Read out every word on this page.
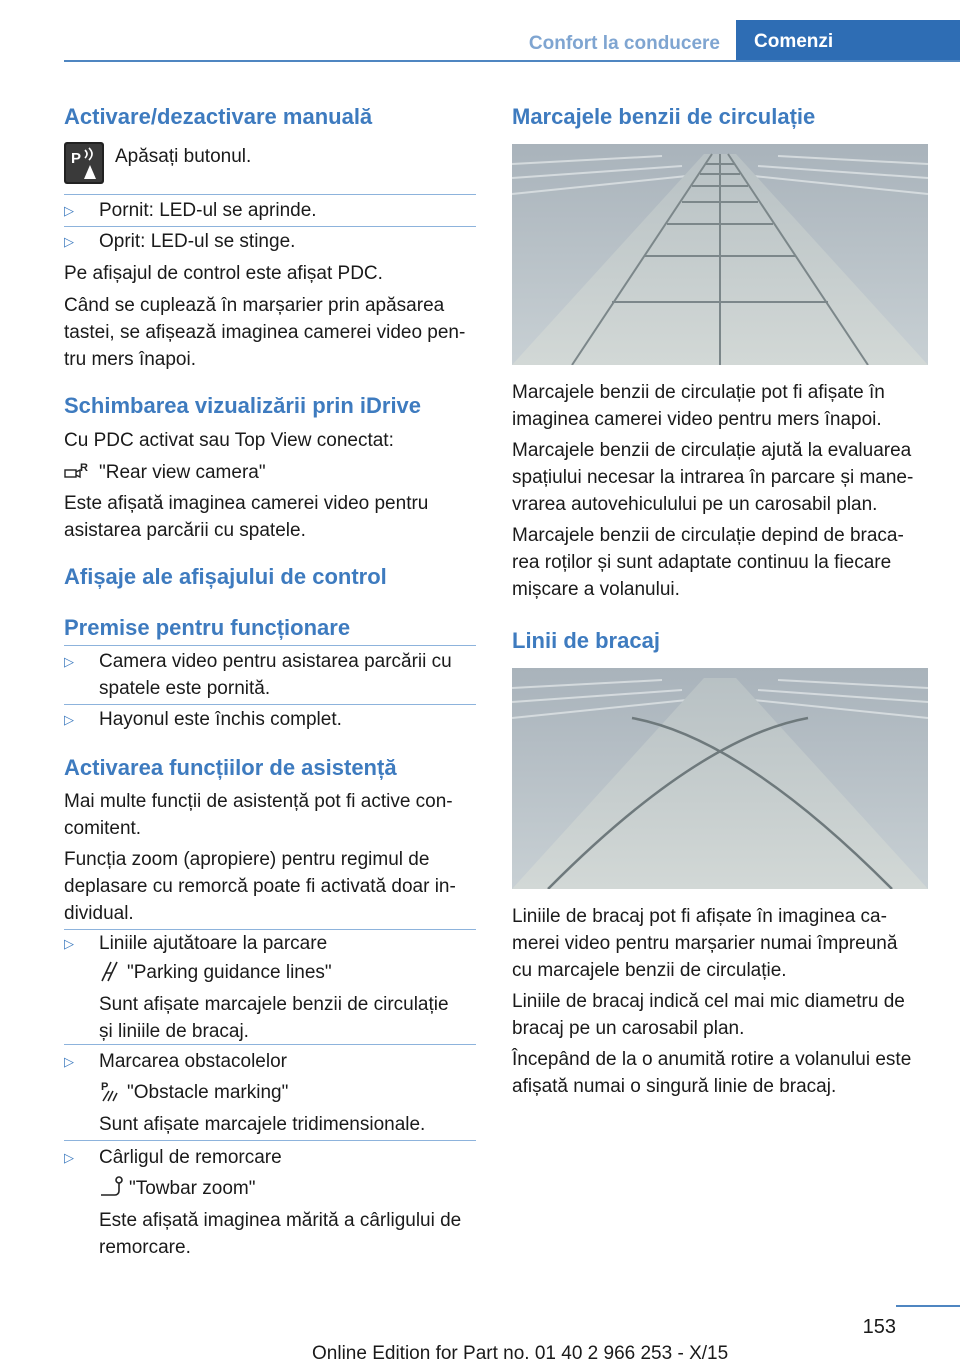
Confort la conducere	Comenzi
Activare/dezactivare manuală
P Apăsați butonul.
▷ Pornit: LED-ul se aprinde.
▷ Oprit: LED-ul se stinge.
Pe afișajul de control este afișat PDC.
Când se cuplează în marșarier prin apăsarea
tastei, se afișează imaginea camerei video pen-
tru mers înapoi.
Schimbarea vizualizării prin iDrive
Cu PDC activat sau Top View conectat:
R "Rear view camera"
Este afișată imaginea camerei video pentru
asistarea parcării cu spatele.
Afișaje ale afișajului de control
Premise pentru funcționare
▷ Camera video pentru asistarea parcării cu
spatele este pornită.
▷ Hayonul este închis complet.
Activarea funcțiilor de asistență
Mai multe funcții de asistență pot fi active con-
comitent.
Funcția zoom (apropiere) pentru regimul de
deplasare cu remorcă poate fi activată doar in-
dividual.
▷ Liniile ajutătoare la parcare
"Parking guidance lines"
Sunt afișate marcajele benzii de circulație
și liniile de bracaj.
▷ Marcarea obstacolelor
P "Obstacle marking"
Sunt afișate marcajele tridimensionale.
▷ Cârligul de remorcare
"Towbar zoom"
Este afișată imaginea mărită a cârligului de
remorcare.
Marcajele benzii de circulație
Marcajele benzii de circulație pot fi afișate în
imaginea camerei video pentru mers înapoi.
Marcajele benzii de circulație ajută la evaluarea
spațiului necesar la intrarea în parcare și mane-
vrarea autovehiculului pe un carosabil plan.
Marcajele benzii de circulație depind de braca-
rea roților și sunt adaptate continuu la fiecare
mișcare a volanului.
Linii de bracaj
Liniile de bracaj pot fi afișate în imaginea ca-
merei video pentru marșarier numai împreună
cu marcajele benzii de circulație.
Liniile de bracaj indică cel mai mic diametru de
bracaj pe un carosabil plan.
Începând de la o anumită rotire a volanului este
afișată numai o singură linie de bracaj.
153
Online Edition for Part no. 01 40 2 966 253 - X/15
